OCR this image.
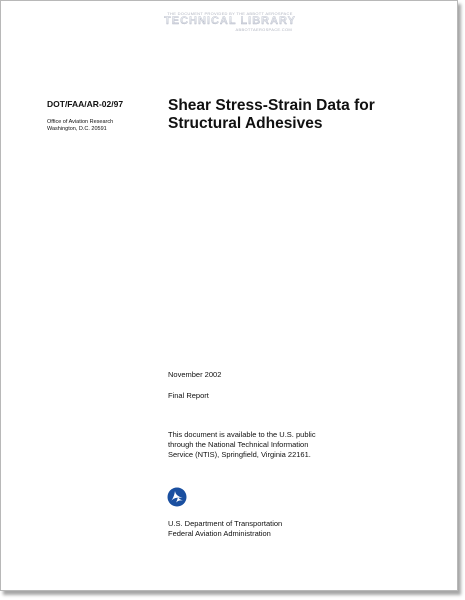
THE DOCUMENT PROVIDED BY THE ABBOTT AEROSPACE
TECHNICAL LIBRARY
ABBOTTAEROSPACE.COM
DOT/FAA/AR-02/97
Office of Aviation Research
Washington, D.C. 20591
Shear Stress-Strain Data for
Structural Adhesives
November 2002
Final Report
This document is available to the U.S. public
through the National Technical Information
Service (NTIS), Springfield, Virginia 22161.
U.S. Department of Transportation
Federal Aviation Administration
